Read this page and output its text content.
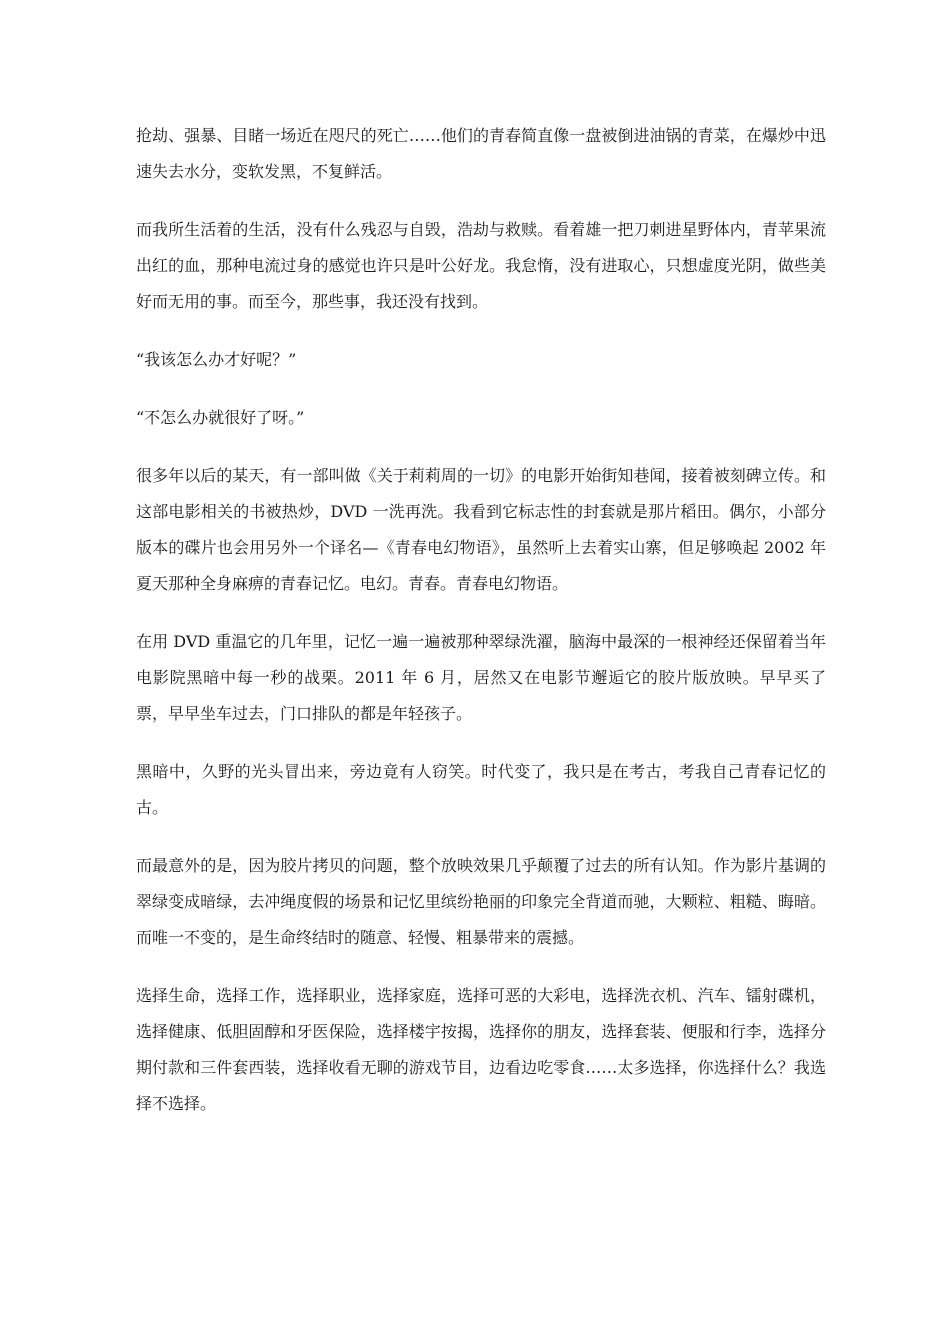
抢劫、强暴、目睹一场近在咫尺的死亡……他们的青春简直像一盘被倒进油锅的青菜，在爆炒中迅速失去水分，变软发黑，不复鲜活。

而我所生活着的生活，没有什么残忍与自毁，浩劫与救赎。看着雄一把刀刺进星野体内，青苹果流出红的血，那种电流过身的感觉也许只是叶公好龙。我怠惰，没有进取心，只想虚度光阴，做些美好而无用的事。而至今，那些事，我还没有找到。

“我该怎么办才好呢？”

“不怎么办就很好了呀。”

很多年以后的某天，有一部叫做《关于莉莉周的一切》的电影开始街知巷闻，接着被刻碑立传。和这部电影相关的书被热炒，DVD 一洗再洗。我看到它标志性的封套就是那片稻田。偶尔，小部分版本的碟片也会用另外一个译名—《青春电幻物语》，虽然听上去着实山寨，但足够唤起 2002 年夏天那种全身麻痹的青春记忆。电幻。青春。青春电幻物语。

在用 DVD 重温它的几年里，记忆一遍一遍被那种翠绿洗濯，脑海中最深的一根神经还保留着当年电影院黑暗中每一秒的战栗。2011 年 6 月，居然又在电影节邂逅它的胶片版放映。早早买了票，早早坐车过去，门口排队的都是年轻孩子。

黑暗中，久野的光头冒出来，旁边竟有人窃笑。时代变了，我只是在考古，考我自己青春记忆的古。

而最意外的是，因为胶片拷贝的问题，整个放映效果几乎颠覆了过去的所有认知。作为影片基调的翠绿变成暗绿，去冲绳度假的场景和记忆里缤纷艳丽的印象完全背道而驰，大颗粒、粗糙、晦暗。而唯一不变的，是生命终结时的随意、轻慢、粗暴带来的震撼。

选择生命，选择工作，选择职业，选择家庭，选择可恶的大彩电，选择洗衣机、汽车、镭射碟机，选择健康、低胆固醇和牙医保险，选择楼宇按揭，选择你的朋友，选择套装、便服和行李，选择分期付款和三件套西装，选择收看无聊的游戏节目，边看边吃零食……太多选择，你选择什么？我选择不选择。
